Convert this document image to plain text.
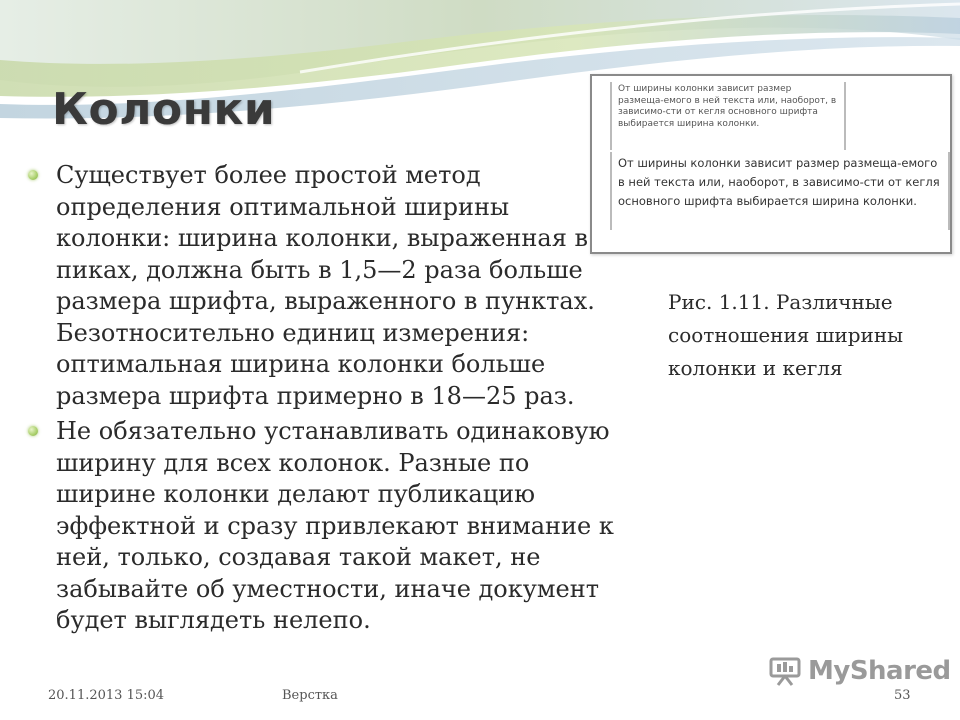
Колонки
Существует более простой метод определения оптимальной ширины колонки: ширина колонки, выраженная в пиках, должна быть в 1,5—2 раза больше размера шрифта, выраженного в пунктах. Безотносительно единиц измерения: оптимальная ширина колонки больше размера шрифта примерно в 18—25 раз.
Не обязательно устанавливать одинаковую ширину для всех колонок. Разные по ширине колонки делают публикацию эффектной и сразу привлекают внимание к ней, только, создавая такой макет, не забывайте об уместности, иначе документ будет выглядеть нелепо.
От ширины колонки зависит размер размеща-емого в ней текста или, наоборот, в зависимо-сти от кегля основного шрифта выбирается ширина колонки.
От ширины колонки зависит размер размеща-емого в ней текста или, наоборот, в зависимо-сти от кегля основного шрифта выбирается ширина колонки.
Рис. 1.11. Различные соотношения ширины колонки и кегля
20.11.2013 15:04	Верстка	53
MyShared
